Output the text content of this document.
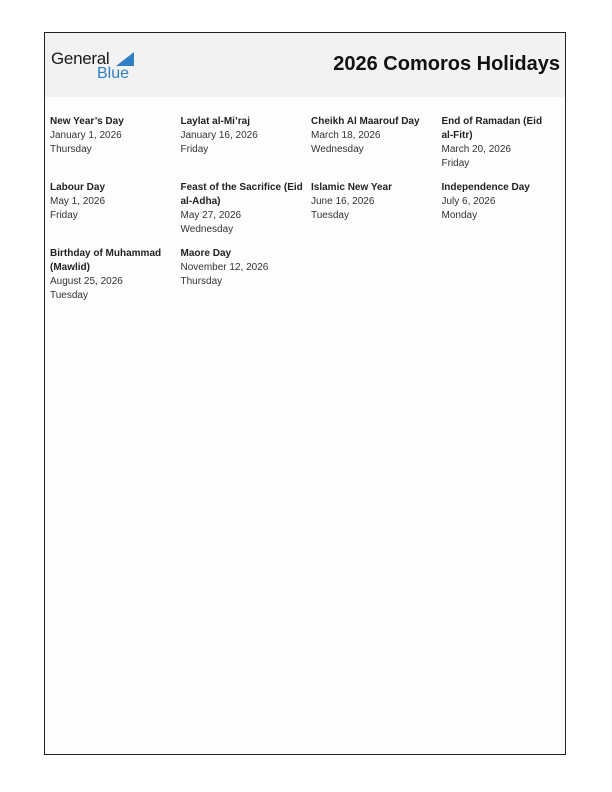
General
Blue	2026 Comoros Holidays
New Year’s Day
January 1, 2026
Thursday
Laylat al-Mi’raj
January 16, 2026
Friday
Cheikh Al Maarouf Day
March 18, 2026
Wednesday
End of Ramadan (Eid al-Fitr)
March 20, 2026
Friday
Labour Day
May 1, 2026
Friday
Feast of the Sacrifice (Eid al-Adha)
May 27, 2026
Wednesday
Islamic New Year
June 16, 2026
Tuesday
Independence Day
July 6, 2026
Monday
Birthday of Muhammad (Mawlid)
August 25, 2026
Tuesday
Maore Day
November 12, 2026
Thursday
